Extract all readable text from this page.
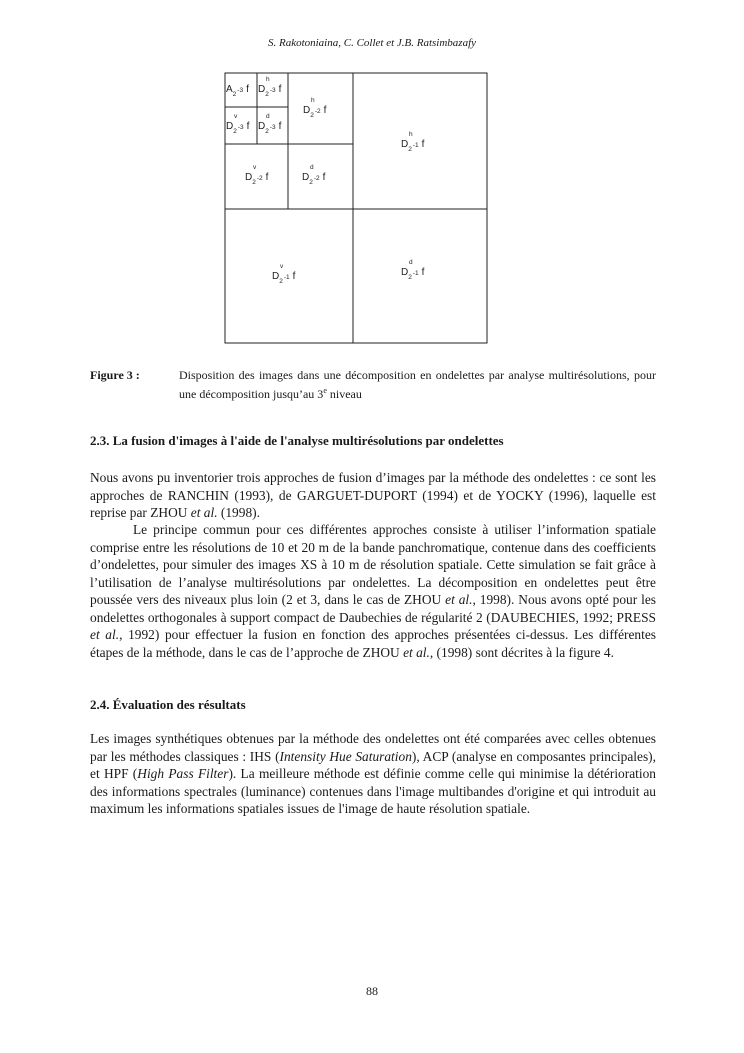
S. Rakotoniaina, C. Collet et J.B. Ratsimbazafy
$A_2^{-3}$ f
h
$D_2^{-3}$ f
v
$D_2^{-3}$ f
d
$D_2^{-3}$ f
h
$D_2^{-2}$ f
v
$D_2^{-2}$ f
d
$D_2^{-2}$ f
h
$D_2^{-1}$ f
v
$D_2^{-1}$ f
d
$D_2^{-1}$ f
Figure 3 :	Disposition des images dans une décomposition en ondelettes par analyse multirésolutions, pour une décomposition jusqu’au 3e niveau
2.3. La fusion d'images à l'aide de l'analyse multirésolutions par ondelettes

Nous avons pu inventorier trois approches de fusion d’images par la méthode des ondelettes : ce sont les approches de RANCHIN (1993), de GARGUET-DUPORT (1994) et de YOCKY (1996), laquelle est reprise par ZHOU et al. (1998).

Le principe commun pour ces différentes approches consiste à utiliser l’information spatiale comprise entre les résolutions de 10 et 20 m de la bande panchromatique, contenue dans des coefficients d’ondelettes, pour simuler des images XS à 10 m de résolution spatiale. Cette simulation se fait grâce à l’utilisation de l’analyse multirésolutions par ondelettes. La décomposition en ondelettes peut être poussée vers des niveaux plus loin (2 et 3, dans le cas de ZHOU et al., 1998). Nous avons opté pour les ondelettes orthogonales à support compact de Daubechies de régularité 2 (DAUBECHIES, 1992; PRESS et al., 1992) pour effectuer la fusion en fonction des approches présentées ci-dessus. Les différentes étapes de la méthode, dans le cas de l’approche de ZHOU et al., (1998) sont décrites à la figure 4.

2.4. Évaluation des résultats

Les images synthétiques obtenues par la méthode des ondelettes ont été comparées avec celles obtenues par les méthodes classiques : IHS (Intensity Hue Saturation), ACP (analyse en composantes principales), et HPF (High Pass Filter). La meilleure méthode est définie comme celle qui minimise la détérioration des informations spectrales (luminance) contenues dans l'image multibandes d'origine et qui introduit au maximum les informations spatiales issues de l'image de haute résolution spatiale.

88
